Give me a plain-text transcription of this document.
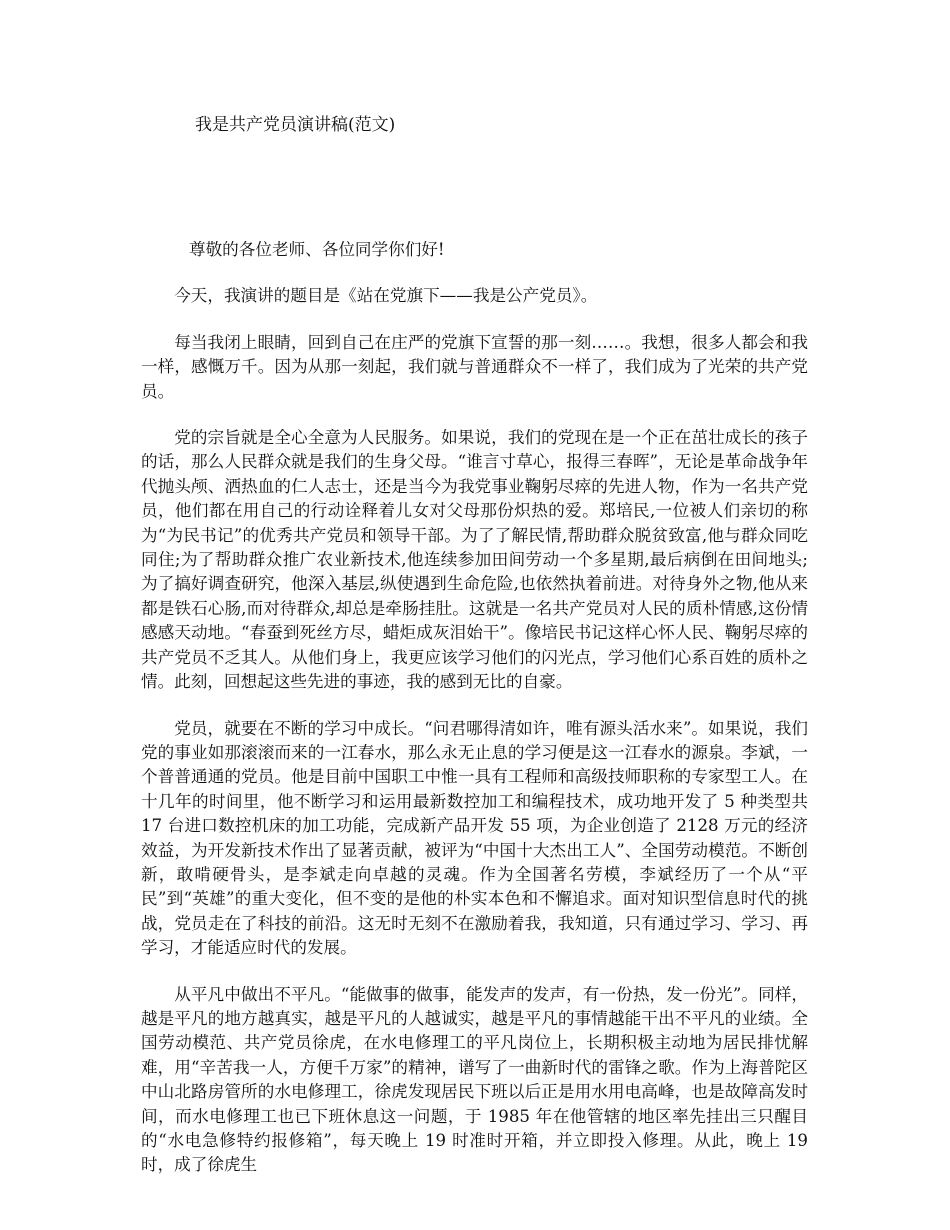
我是共产党员演讲稿(范文)

尊敬的各位老师、各位同学你们好!

今天，我演讲的题目是《站在党旗下——我是公产党员》。

每当我闭上眼睛，回到自己在庄严的党旗下宣誓的那一刻……。我想，很多人都会和我一样，感慨万千。因为从那一刻起，我们就与普通群众不一样了，我们成为了光荣的共产党员。

党的宗旨就是全心全意为人民服务。如果说，我们的党现在是一个正在茁壮成长的孩子的话，那么人民群众就是我们的生身父母。“谁言寸草心，报得三春晖”，无论是革命战争年代抛头颅、洒热血的仁人志士，还是当今为我党事业鞠躬尽瘁的先进人物，作为一名共产党员，他们都在用自己的行动诠释着儿女对父母那份炽热的爱。郑培民,一位被人们亲切的称为“为民书记”的优秀共产党员和领导干部。为了了解民情,帮助群众脱贫致富,他与群众同吃同住;为了帮助群众推广农业新技术,他连续参加田间劳动一个多星期,最后病倒在田间地头;为了搞好调查研究，他深入基层,纵使遇到生命危险,也依然执着前进。对待身外之物,他从来都是铁石心肠,而对待群众,却总是牵肠挂肚。这就是一名共产党员对人民的质朴情感,这份情感感天动地。“春蚕到死丝方尽，蜡炬成灰泪始干”。像培民书记这样心怀人民、鞠躬尽瘁的共产党员不乏其人。从他们身上，我更应该学习他们的闪光点，学习他们心系百姓的质朴之情。此刻，回想起这些先进的事迹，我的感到无比的自豪。

党员，就要在不断的学习中成长。“问君哪得清如许，唯有源头活水来”。如果说，我们党的事业如那滚滚而来的一江春水，那么永无止息的学习便是这一江春水的源泉。李斌，一个普普通通的党员。他是目前中国职工中惟一具有工程师和高级技师职称的专家型工人。在十几年的时间里，他不断学习和运用最新数控加工和编程技术，成功地开发了 5 种类型共 17 台进口数控机床的加工功能，完成新产品开发 55 项，为企业创造了 2128 万元的经济效益，为开发新技术作出了显著贡献，被评为“中国十大杰出工人”、全国劳动模范。不断创新，敢啃硬骨头，是李斌走向卓越的灵魂。作为全国著名劳模，李斌经历了一个从“平民”到“英雄”的重大变化，但不变的是他的朴实本色和不懈追求。面对知识型信息时代的挑战，党员走在了科技的前沿。这无时无刻不在激励着我，我知道，只有通过学习、学习、再学习，才能适应时代的发展。

从平凡中做出不平凡。“能做事的做事，能发声的发声，有一份热，发一份光”。同样，越是平凡的地方越真实，越是平凡的人越诚实，越是平凡的事情越能干出不平凡的业绩。全国劳动模范、共产党员徐虎，在水电修理工的平凡岗位上，长期积极主动地为居民排忧解难，用“辛苦我一人，方便千万家”的精神，谱写了一曲新时代的雷锋之歌。作为上海普陀区中山北路房管所的水电修理工，徐虎发现居民下班以后正是用水用电高峰，也是故障高发时间，而水电修理工也已下班休息这一问题，于 1985 年在他管辖的地区率先挂出三只醒目的“水电急修特约报修箱”，每天晚上 19 时准时开箱，并立即投入修理。从此，晚上 19 时，成了徐虎生
